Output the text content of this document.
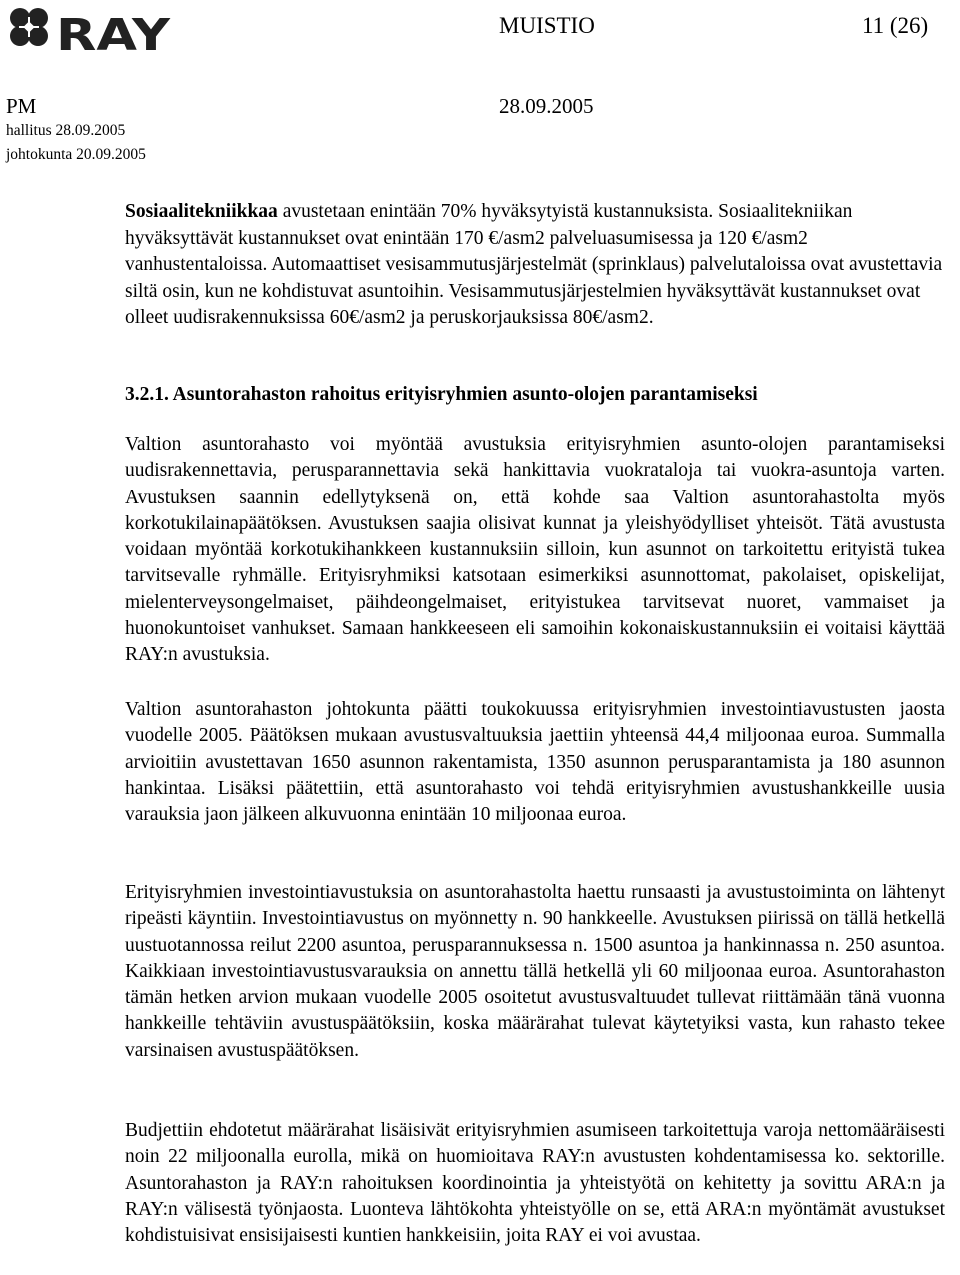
RAY	MUISTIO	11 (26)
PM	28.09.2005
hallitus 28.09.2005
johtokunta 20.09.2005

Sosiaalitekniikkaa avustetaan enintään 70% hyväksytyistä kustannuksista. Sosiaalitekniikan hyväksyttävät kustannukset ovat enintään 170 €/asm2 palveluasumisessa ja 120 €/asm2 vanhustentaloissa. Automaattiset vesisammutusjärjestelmät (sprinklaus) palvelutaloissa ovat avustettavia siltä osin, kun ne kohdistuvat asuntoihin. Vesisammutusjärjestelmien hyväksyttävät kustannukset ovat olleet uudisrakennuksissa 60€/asm2 ja peruskorjauksissa 80€/asm2.

3.2.1. Asuntorahaston rahoitus erityisryhmien asunto-olojen parantamiseksi

Valtion asuntorahasto voi myöntää avustuksia erityisryhmien asunto-olojen parantamiseksi uudisrakennettavia, perusparannettavia sekä hankittavia vuokrataloja tai vuokra-asuntoja varten. Avustuksen saannin edellytyksenä on, että kohde saa Valtion asuntorahastolta myös korkotukilainapäätöksen. Avustuksen saajia olisivat kunnat ja yleishyödylliset yhteisöt. Tätä avustusta voidaan myöntää korkotukihankkeen kustannuksiin silloin, kun asunnot on tarkoitettu erityistä tukea tarvitsevalle ryhmälle. Erityisryhmiksi katsotaan esimerkiksi asunnottomat, pakolaiset, opiskelijat, mielenterveysongelmaiset, päihdeongelmaiset, erityistukea tarvitsevat nuoret, vammaiset ja huonokuntoiset vanhukset. Samaan hankkeeseen eli samoihin kokonaiskustannuksiin ei voitaisi käyttää RAY:n avustuksia.

Valtion asuntorahaston johtokunta päätti toukokuussa erityisryhmien investointiavustusten jaosta vuodelle 2005. Päätöksen mukaan avustusvaltuuksia jaettiin yhteensä 44,4 miljoonaa euroa. Summalla arvioitiin avustettavan 1650 asunnon rakentamista, 1350 asunnon perusparantamista ja 180 asunnon hankintaa. Lisäksi päätettiin, että asuntorahasto voi tehdä erityisryhmien avustushankkeille uusia varauksia jaon jälkeen alkuvuonna enintään 10 miljoonaa euroa.

Erityisryhmien investointiavustuksia on asuntorahastolta haettu runsaasti ja avustustoiminta on lähtenyt ripeästi käyntiin. Investointiavustus on myönnetty n. 90 hankkeelle. Avustuksen piirissä on tällä hetkellä uustuotannossa reilut 2200 asuntoa, perusparannuksessa n. 1500 asuntoa ja hankinnassa n. 250 asuntoa. Kaikkiaan investointiavustusvarauksia on annettu tällä hetkellä yli 60 miljoonaa euroa. Asuntorahaston tämän hetken arvion mukaan vuodelle 2005 osoitetut avustusvaltuudet tullevat riittämään tänä vuonna hankkeille tehtäviin avustuspäätöksiin, koska määrärahat tulevat käytetyiksi vasta, kun rahasto tekee varsinaisen avustuspäätöksen.

Budjettiin ehdotetut määrärahat lisäisivät erityisryhmien asumiseen tarkoitettuja varoja nettomääräisesti noin 22 miljoonalla eurolla, mikä on huomioitava RAY:n avustusten kohdentamisessa ko. sektorille. Asuntorahaston ja RAY:n rahoituksen koordinointia ja yhteistyötä on kehitetty ja sovittu ARA:n ja RAY:n välisestä työnjaosta. Luonteva lähtökohta yhteistyölle on se, että ARA:n myöntämät avustukset kohdistuisivat ensisijaisesti kuntien hankkeisiin, joita RAY ei voi avustaa.
